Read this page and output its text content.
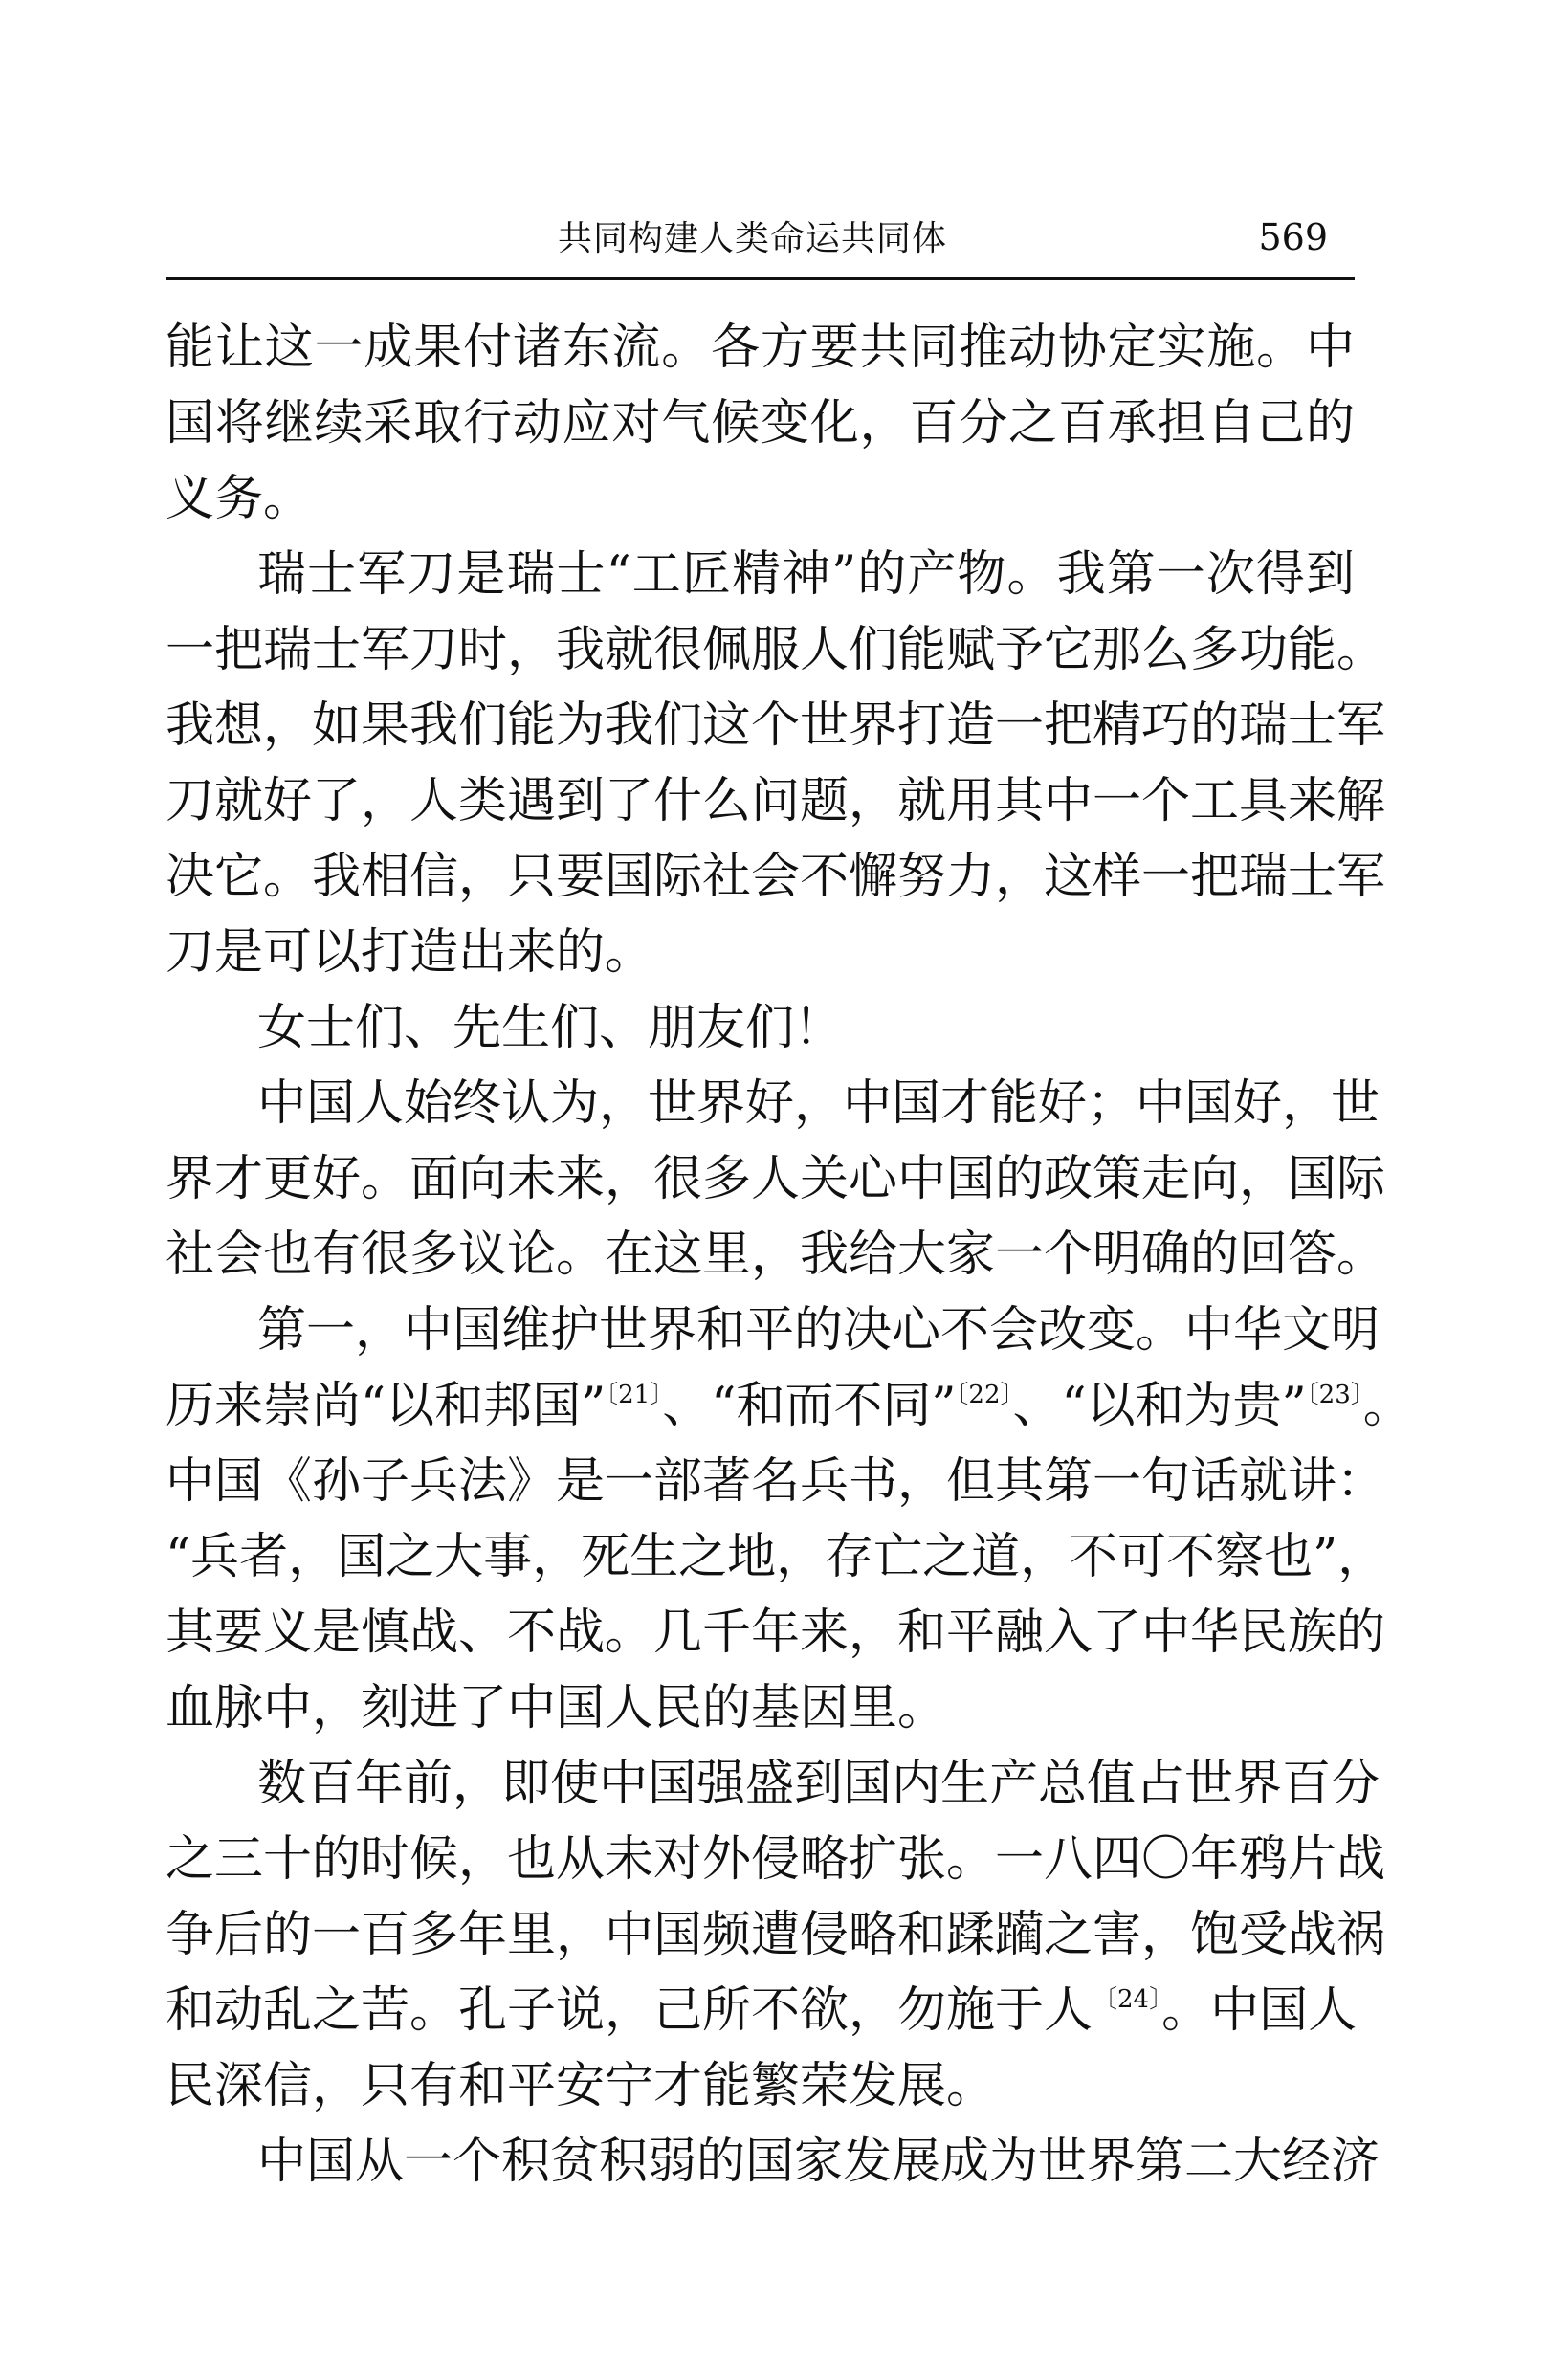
共同构建人类命运共同体	569
能让这一成果付诸东流。各方要共同推动协定实施。中
国将继续采取行动应对气候变化，百分之百承担自己的
义务。
瑞士军刀是瑞士“工匠精神”的产物。我第一次得到
一把瑞士军刀时，我就很佩服人们能赋予它那么多功能。
我想，如果我们能为我们这个世界打造一把精巧的瑞士军
刀就好了，人类遇到了什么问题，就用其中一个工具来解
决它。我相信，只要国际社会不懈努力，这样一把瑞士军
刀是可以打造出来的。
女士们、先生们、朋友们！
中国人始终认为，世界好，中国才能好；中国好，世
界才更好。面向未来，很多人关心中国的政策走向，国际
社会也有很多议论。在这里，我给大家一个明确的回答。
第一，中国维护世界和平的决心不会改变。中华文明
历来崇尚“以和邦国”$^{〔21〕}$、“和而不同”$^{〔22〕}$、“以和为贵”$^{〔23〕}$。
中国《孙子兵法》是一部著名兵书，但其第一句话就讲：
“兵者，国之大事，死生之地，存亡之道，不可不察也”，
其要义是慎战、不战。几千年来，和平融入了中华民族的
血脉中，刻进了中国人民的基因里。
数百年前，即使中国强盛到国内生产总值占世界百分
之三十的时候，也从未对外侵略扩张。一八四〇年鸦片战
争后的一百多年里，中国频遭侵略和蹂躏之害，饱受战祸
和动乱之苦。孔子说，己所不欲，勿施于人$^{〔24〕}$。中国人
民深信，只有和平安宁才能繁荣发展。
中国从一个积贫积弱的国家发展成为世界第二大经济
